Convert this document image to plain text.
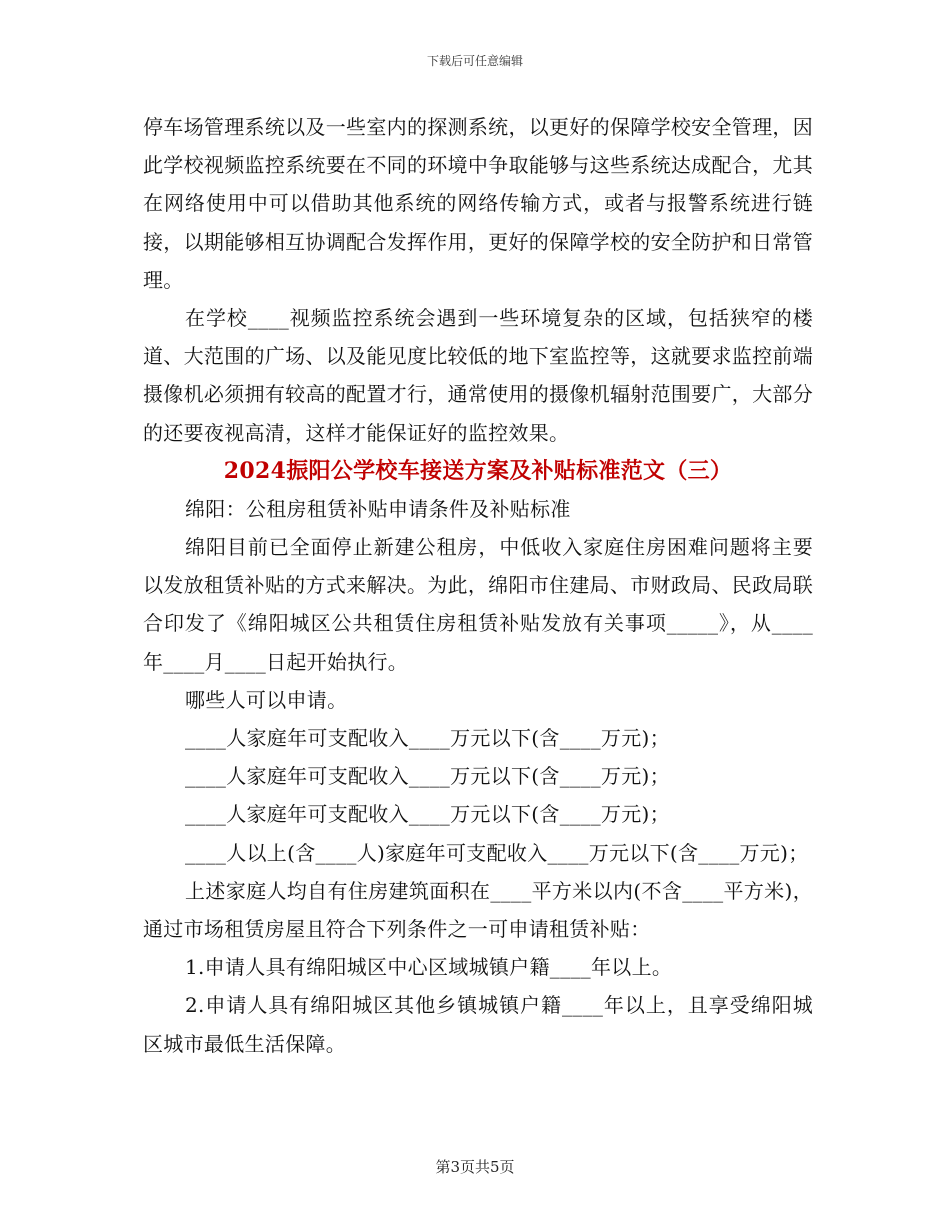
下载后可任意编辑

停车场管理系统以及一些室内的探测系统，以更好的保障学校安全管理，因此学校视频监控系统要在不同的环境中争取能够与这些系统达成配合，尤其在网络使用中可以借助其他系统的网络传输方式，或者与报警系统进行链接，以期能够相互协调配合发挥作用，更好的保障学校的安全防护和日常管理。

在学校____视频监控系统会遇到一些环境复杂的区域，包括狭窄的楼道、大范围的广场、以及能见度比较低的地下室监控等，这就要求监控前端摄像机必须拥有较高的配置才行，通常使用的摄像机辐射范围要广，大部分的还要夜视高清，这样才能保证好的监控效果。

2024振阳公学校车接送方案及补贴标准范文（三）

绵阳：公租房租赁补贴申请条件及补贴标准

绵阳目前已全面停止新建公租房，中低收入家庭住房困难问题将主要以发放租赁补贴的方式来解决。为此，绵阳市住建局、市财政局、民政局联合印发了《绵阳城区公共租赁住房租赁补贴发放有关事项_____》，从____年____月____日起开始执行。

哪些人可以申请。

____人家庭年可支配收入____万元以下(含____万元)；

____人家庭年可支配收入____万元以下(含____万元)；

____人家庭年可支配收入____万元以下(含____万元)；

____人以上(含____人)家庭年可支配收入____万元以下(含____万元)；

上述家庭人均自有住房建筑面积在____平方米以内(不含____平方米)，通过市场租赁房屋且符合下列条件之一可申请租赁补贴：

1.申请人具有绵阳城区中心区域城镇户籍____年以上。

2.申请人具有绵阳城区其他乡镇城镇户籍____年以上，且享受绵阳城区城市最低生活保障。

第3页共5页
